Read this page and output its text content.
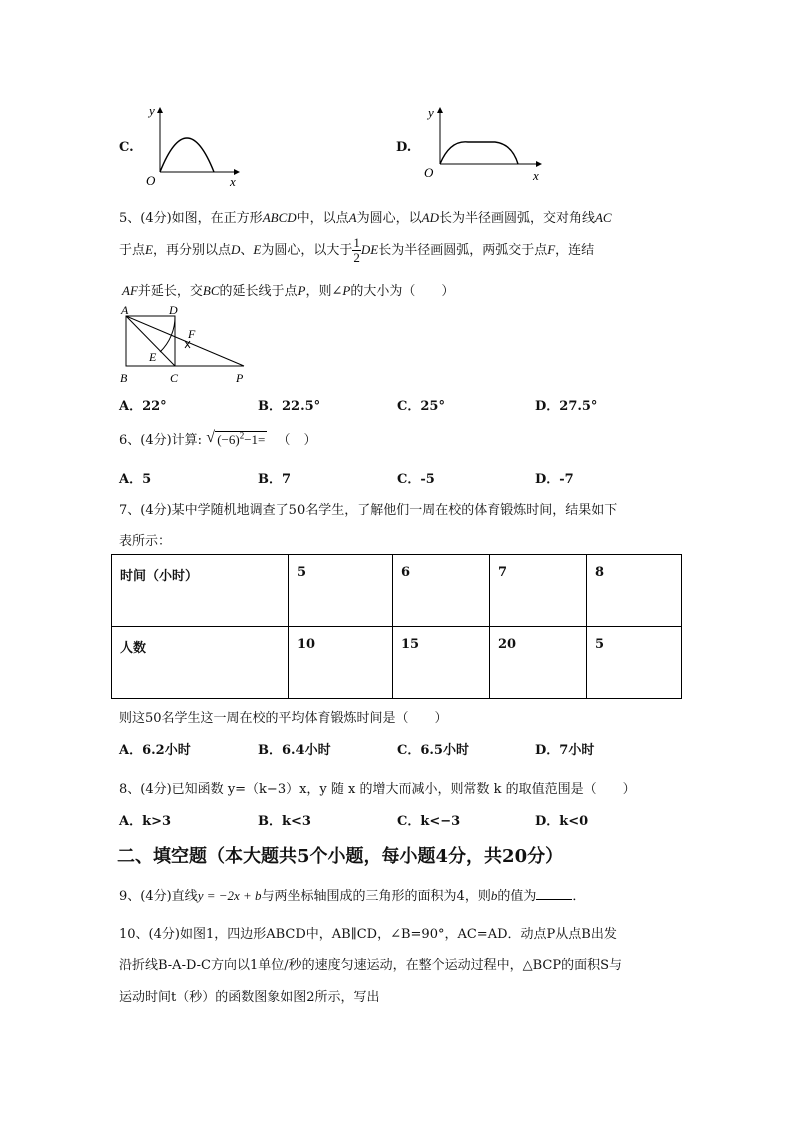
C.
y
x
O
D.
y
x
O
5、(4分)如图，在正方形ABCD中，以点A为圆心，以AD长为半径画圆弧，交对角线AC
于点E，再分别以点D、E为圆心，以大于 $\frac{1}{2}$ DE长为半径画圆弧，两弧交于点F，连结
AF并延长，交BC的延长线于点P，则∠P的大小为（　　）
A	D
F
E
B	C	P
A．22°	B．22.5°	C．25°	D．27.5°
6、(4分)计算: √ $(-6)^2-1=$ （　）
A．5	B．7	C．-5	D．-7
7、(4分)某中学随机地调查了50名学生，了解他们一周在校的体育锻炼时间，结果如下
表所示：
时间（小时）	5	6	7	8
人数	10	15	20	5
则这50名学生这一周在校的平均体育锻炼时间是（　　）
A．6.2小时	B．6.4小时	C．6.5小时	D．7小时
8、(4分)已知函数 y=（k−3）x，y 随 x 的增大而减小，则常数 k 的取值范围是（　　）
A．k>3	B．k<3	C．k<−3	D．k<0
二、填空题（本大题共5个小题，每小题4分，共20分）
9、(4分)直线y = −2x + b与两坐标轴围成的三角形的面积为4，则b的值为	．
10、(4分)如图1，四边形ABCD中，AB∥CD，∠B=90°，AC=AD．动点P从点B出发
沿折线B-A-D-C方向以1单位/秒的速度匀速运动，在整个运动过程中，△BCP的面积S与
运动时间t（秒）的函数图象如图2所示，写出
